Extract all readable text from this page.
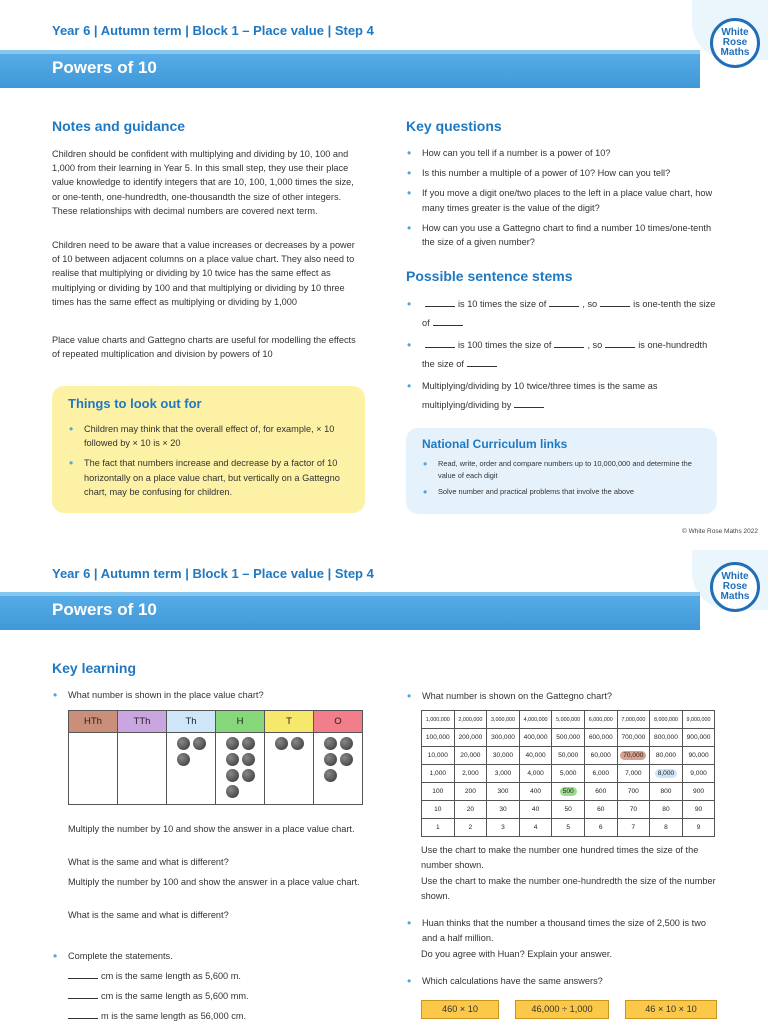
Year 6 | Autumn term | Block 1 – Place value | Step 4
Powers of 10
White
Rose
Maths
Notes and guidance
Children should be confident with multiplying and dividing by 10, 100 and 1,000 from their learning in Year 5. In this small step, they use their place value knowledge to identify integers that are 10, 100, 1,000 times the size, or one-tenth, one-hundredth, one-thousandth the size of other integers. These relationships with decimal numbers are covered next term.
Children need to be aware that a value increases or decreases by a power of 10 between adjacent columns on a place value chart. They also need to realise that multiplying or dividing by 10 twice has the same effect as multiplying or dividing by 100 and that multiplying or dividing by 10 three times has the same effect as multiplying or dividing by 1,000
Place value charts and Gattegno charts are useful for modelling the effects of repeated multiplication and division by powers of 10
Things to look out for
• Children may think that the overall effect of, for example, × 10 followed by × 10 is × 20
• The fact that numbers increase and decrease by a factor of 10 horizontally on a place value chart, but vertically on a Gattegno chart, may be confusing for children.
Key questions
• How can you tell if a number is a power of 10?
• Is this number a multiple of a power of 10? How can you tell?
• If you move a digit one/two places to the left in a place value chart, how many times greater is the value of the digit?
• How can you use a Gattegno chart to find a number 10 times/one-tenth the size of a given number?
Possible sentence stems
• is 10 times the size of	, so	is one-tenth the size of
• is 100 times the size of	, so	is one-hundredth the size of
• Multiplying/dividing by 10 twice/three times is the same as multiplying/dividing by
National Curriculum links
• Read, write, order and compare numbers up to 10,000,000 and determine the value of each digit
• Solve number and practical problems that involve the above
© White Rose Maths 2022
Year 6 | Autumn term | Block 1 – Place value | Step 4
Powers of 10
White
Rose
Maths
Key learning
• What number is shown in the place value chart?
HTh	TTh	Th	H	T	O

Multiply the number by 10 and show the answer in a place value chart.
What is the same and what is different?
Multiply the number by 100 and show the answer in a place value chart.
What is the same and what is different?
• Complete the statements.
cm is the same length as 5,600 m.
cm is the same length as 5,600 mm.
m is the same length as 56,000 cm.
• What number is shown on the Gattegno chart?
1,000,000	2,000,000	3,000,000	4,000,000	5,000,000	6,000,000	7,000,000	8,000,000	9,000,000
100,000	200,000	300,000	400,000	500,000	600,000	700,000	800,000	900,000
10,000	20,000	30,000	40,000	50,000	60,000	70,000	80,000	90,000
1,000	2,000	3,000	4,000	5,000	6,000	7,000	8,000	9,000
100	200	300	400	500	600	700	800	900
10	20	30	40	50	60	70	80	90
1	2	3	4	5	6	7	8	9
Use the chart to make the number one hundred times the size of the number shown.
Use the chart to make the number one-hundredth the size of the number shown.
• Huan thinks that the number a thousand times the size of 2,500 is two and a half million.
Do you agree with Huan? Explain your answer.
• Which calculations have the same answers?
460 × 10	46,000 ÷ 1,000	46 × 10 × 10
